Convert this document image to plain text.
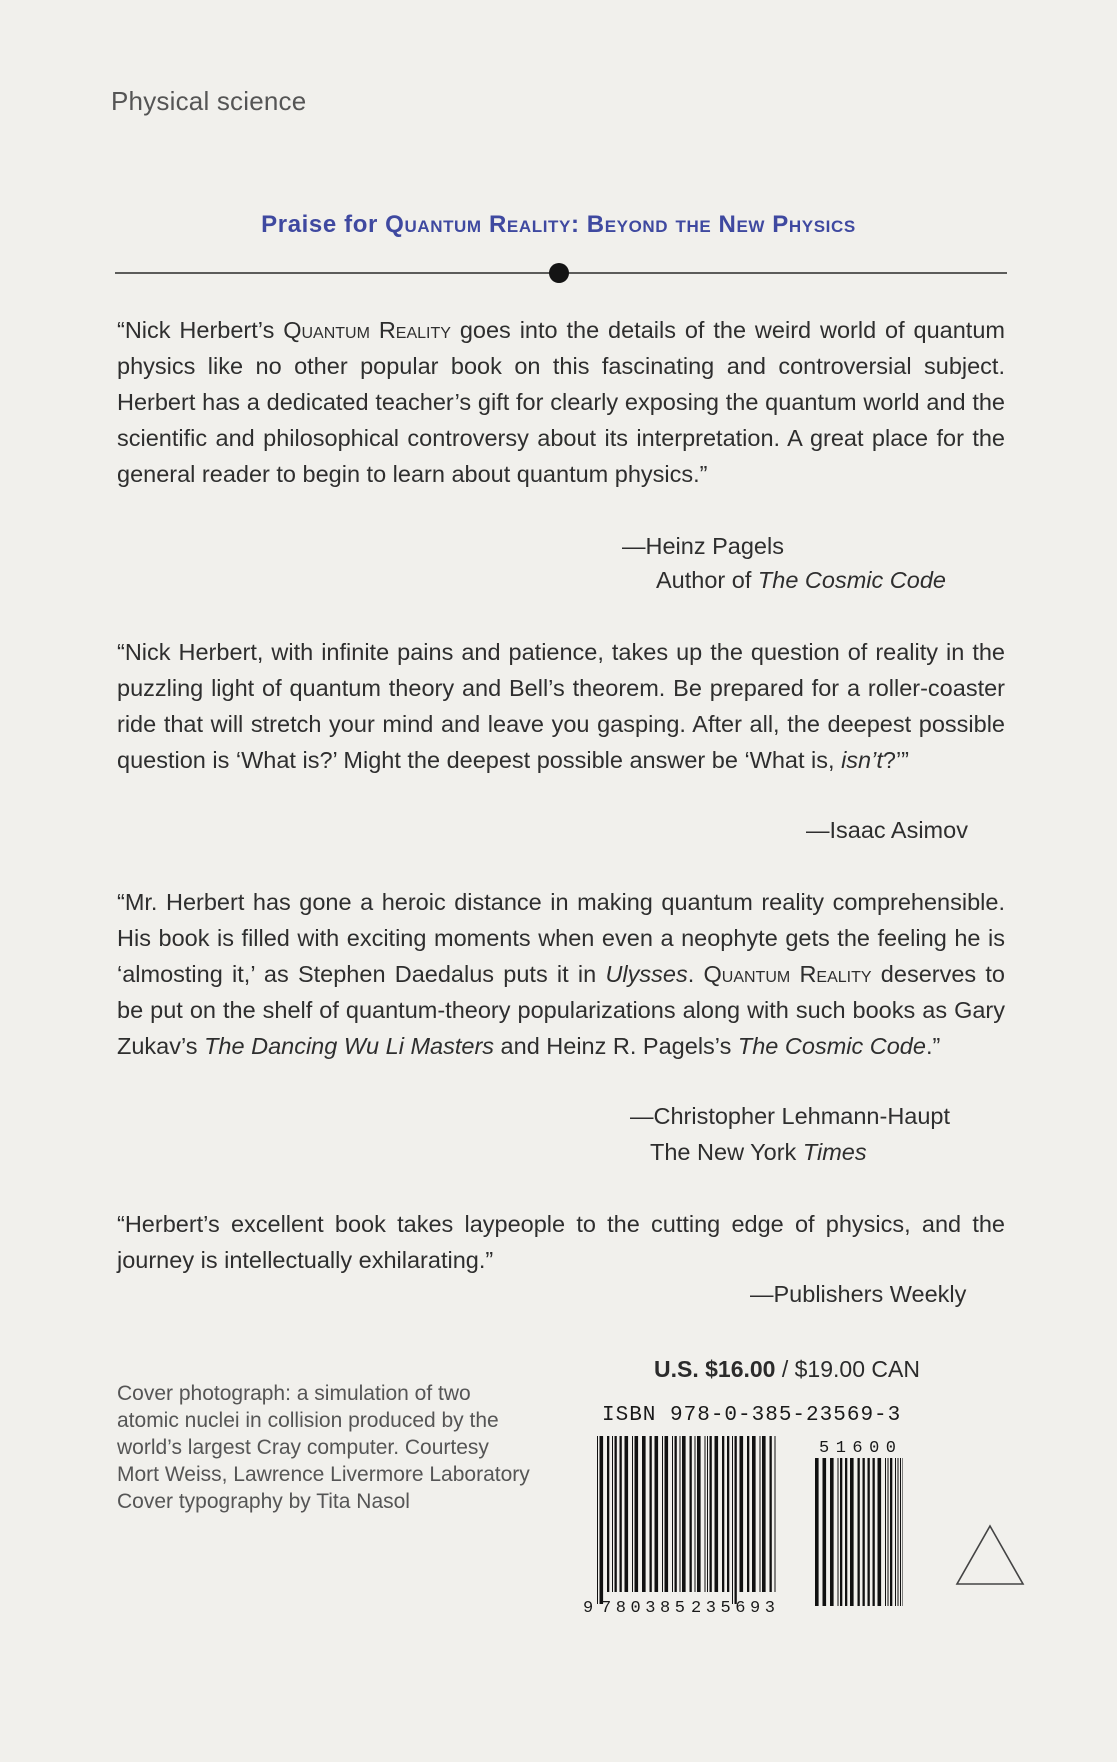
Physical science
Praise for Quantum Reality: Beyond the New Physics
“Nick Herbert’s Quantum Reality goes into the details of the weird world of quantum physics like no other popular book on this fascinating and controversial subject. Herbert has a dedicated teacher’s gift for clearly exposing the quantum world and the scientific and philosophical controversy about its interpretation. A great place for the general reader to begin to learn about quantum physics.”
—Heinz Pagels
Author of The Cosmic Code
“Nick Herbert, with infinite pains and patience, takes up the question of reality in the puzzling light of quantum theory and Bell’s theorem. Be prepared for a roller-coaster ride that will stretch your mind and leave you gasping. After all, the deepest possible question is ‘What is?’ Might the deepest possible answer be ‘What is, isn’t?’”
—Isaac Asimov
“Mr. Herbert has gone a heroic distance in making quantum reality comprehensible. His book is filled with exciting moments when even a neophyte gets the feeling he is ‘almosting it,’ as Stephen Daedalus puts it in Ulysses. Quantum Reality deserves to be put on the shelf of quantum-theory popularizations along with such books as Gary Zukav’s The Dancing Wu Li Masters and Heinz R. Pagels’s The Cosmic Code.”
—Christopher Lehmann-Haupt
The New York Times
“Herbert’s excellent book takes laypeople to the cutting edge of physics, and the journey is intellectually exhilarating.”
—Publishers Weekly
Cover photograph: a simulation of two
atomic nuclei in collision produced by the
world’s largest Cray computer. Courtesy
Mort Weiss, Lawrence Livermore Laboratory
Cover typography by Tita Nasol
U.S. $16.00 / $19.00 CAN
ISBN 978-0-385-23569-3
9 780385 235693
51600
